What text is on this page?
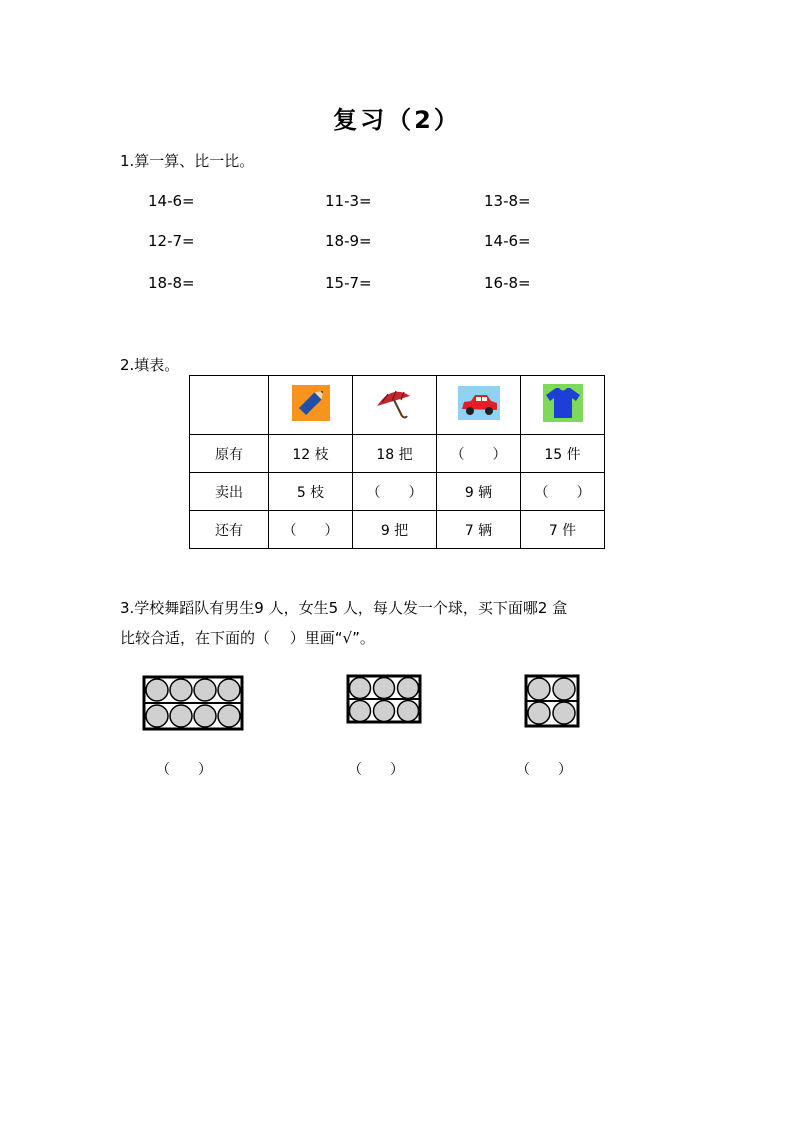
复习（2）
1.算一算、比一比。
14-6=	11-3=	13-8=
12-7=	18-9=	14-6=
18-8=	15-7=	16-8=
2.填表。

原有	12 枝	18 把	（　　）	15 件
卖出	5 枝	（　　）	9 辆	（　　）
还有	（　　）	9 把	7 辆	7 件
3.学校舞蹈队有男生9 人，女生5 人，每人发一个球，买下面哪2 盒
比较合适，在下面的（　 ）里画“√”。
（　　）	（　　）	（　　）
